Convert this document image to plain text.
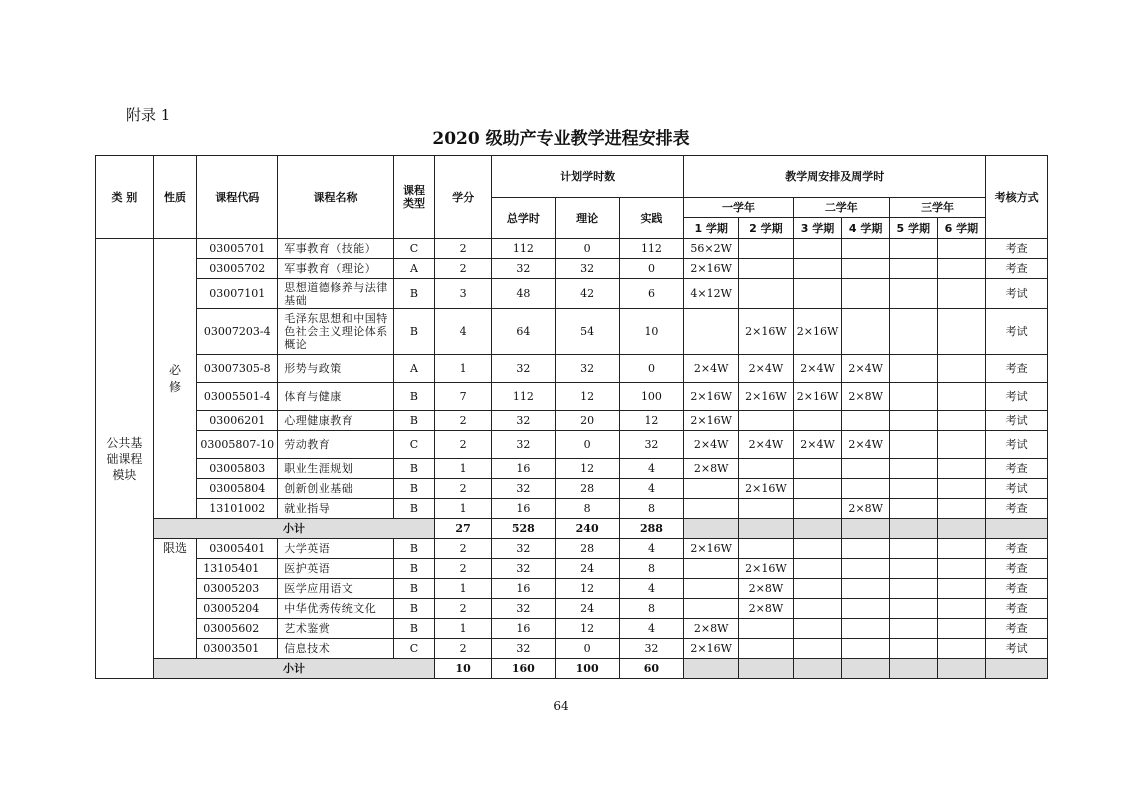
附录 1
2020 级助产专业教学进程安排表
类 别	性质	课程代码	课程名称	课程类型	学分	计划学时数			教学周安排及周学时						考核方式
						总学时	理论	实践	一学年		二学年		三学年		
									1 学期	2 学期	3 学期	4 学期	5 学期	6 学期	
公共基础课程模块	必修	03005701	军事教育（技能）	C	2	112	0	112	56×2W						考查
		03005702	军事教育（理论）	A	2	32	32	0	2×16W						考查
		03007101	思想道德修养与法律基础	B	3	48	42	6	4×12W						考试
		03007203-4	毛泽东思想和中国特色社会主义理论体系概论	B	4	64	54	10		2×16W	2×16W				考试
		03007305-8	形势与政策	A	1	32	32	0	2×4W	2×4W	2×4W	2×4W			考查
		03005501-4	体育与健康	B	7	112	12	100	2×16W	2×16W	2×16W	2×8W			考试
		03006201	心理健康教育	B	2	32	20	12	2×16W						考试
		03005807-10	劳动教育	C	2	32	0	32	2×4W	2×4W	2×4W	2×4W			考试
		03005803	职业生涯规划	B	1	16	12	4	2×8W						考查
		03005804	创新创业基础	B	2	32	28	4		2×16W					考试
		13101002	就业指导	B	1	16	8	8				2×8W			考查
	小计				27	528	240	288							
	限选	03005401	大学英语	B	2	32	28	4	2×16W						考查
		13105401	医护英语	B	2	32	24	8		2×16W					考查
		03005203	医学应用语文	B	1	16	12	4		2×8W					考查
		03005204	中华优秀传统文化	B	2	32	24	8		2×8W					考查
		03005602	艺术鉴赏	B	1	16	12	4	2×8W						考查
		03003501	信息技术	C	2	32	0	32	2×16W						考试
	小计				10	160	100	60							
64
